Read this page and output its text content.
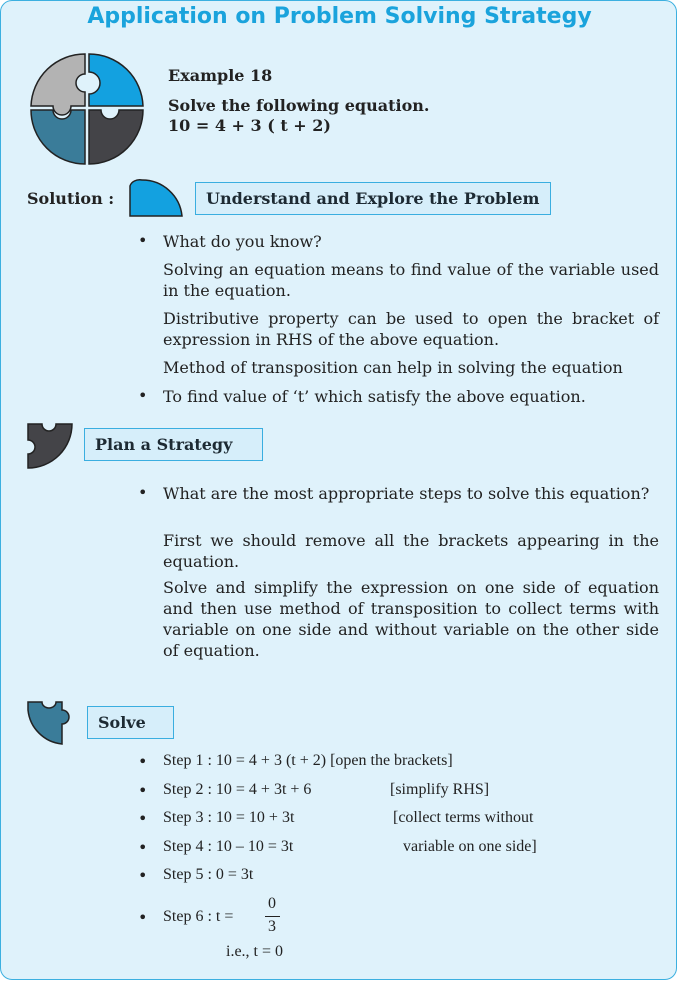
Application on Problem Solving Strategy
Example 18
Solve the following equation.
10 = 4 + 3 ( t + 2)
Solution :	Understand and Explore the Problem
• What do you know?
Solving an equation means to find value of the variable used in the equation.
Distributive property can be used to open the bracket of expression in RHS of the above equation.
Method of transposition can help in solving the equation
• To find value of ‘t’ which satisfy the above equation.
Plan a Strategy
• What are the most appropriate steps to solve this equation?
First we should remove all the brackets appearing in the equation.
Solve and simplify the expression on one side of equation and then use method of transposition to collect terms with variable on one side and without variable on the other side of equation.
Solve
• Step 1 : 10 = 4 + 3 (t + 2) [open the brackets]
• Step 2 : 10 = 4 + 3t + 6	[simplify RHS]
• Step 3 : 10 = 10 + 3t	[collect terms without
• Step 4 : 10 – 10 = 3t	variable on one side]
• Step 5 : 0 = 3t
• Step 6 : t =
0
3
i.e., t = 0
